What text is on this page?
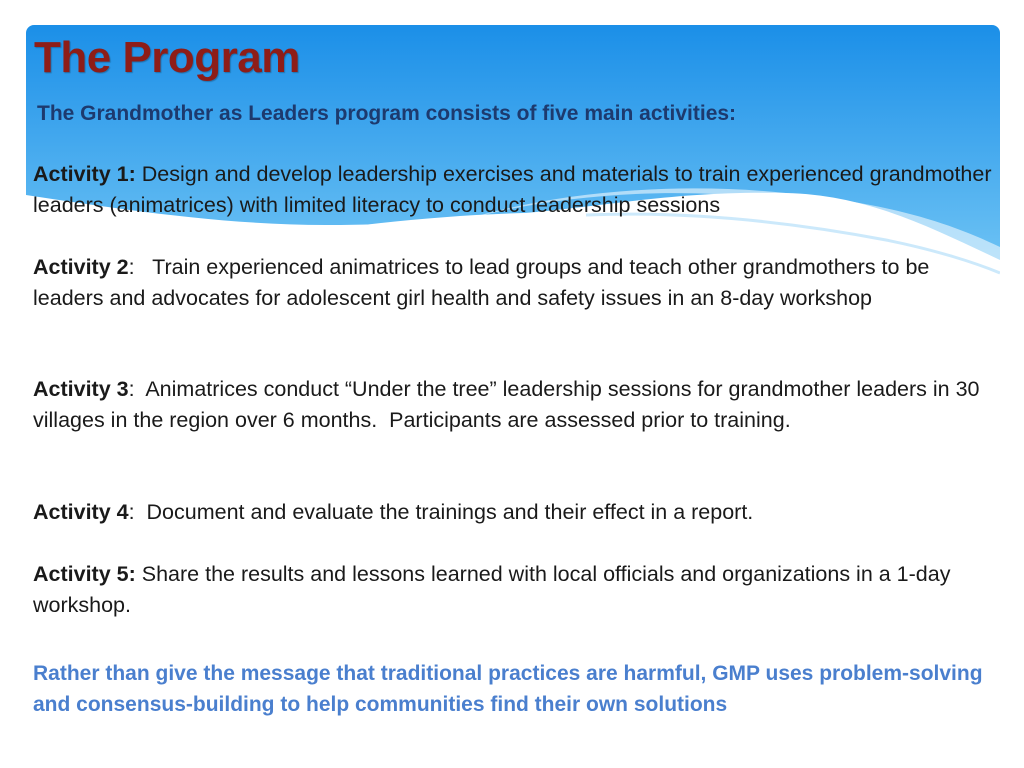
The Program

The Grandmother as Leaders program consists of five main activities:

Activity 1: Design and develop leadership exercises and materials to train experienced grandmother leaders (animatrices) with limited literacy to conduct leadership sessions

Activity 2:   Train experienced animatrices to lead groups and teach other grandmothers to be leaders and advocates for adolescent girl health and safety issues in an 8-day workshop

Activity 3:  Animatrices conduct “Under the tree” leadership sessions for grandmother leaders in 30 villages in the region over 6 months.  Participants are assessed prior to training.

Activity 4:  Document and evaluate the trainings and their effect in a report.

Activity 5: Share the results and lessons learned with local officials and organizations in a 1-day workshop.

Rather than give the message that traditional practices are harmful, GMP uses problem-solving and consensus-building to help communities find their own solutions
